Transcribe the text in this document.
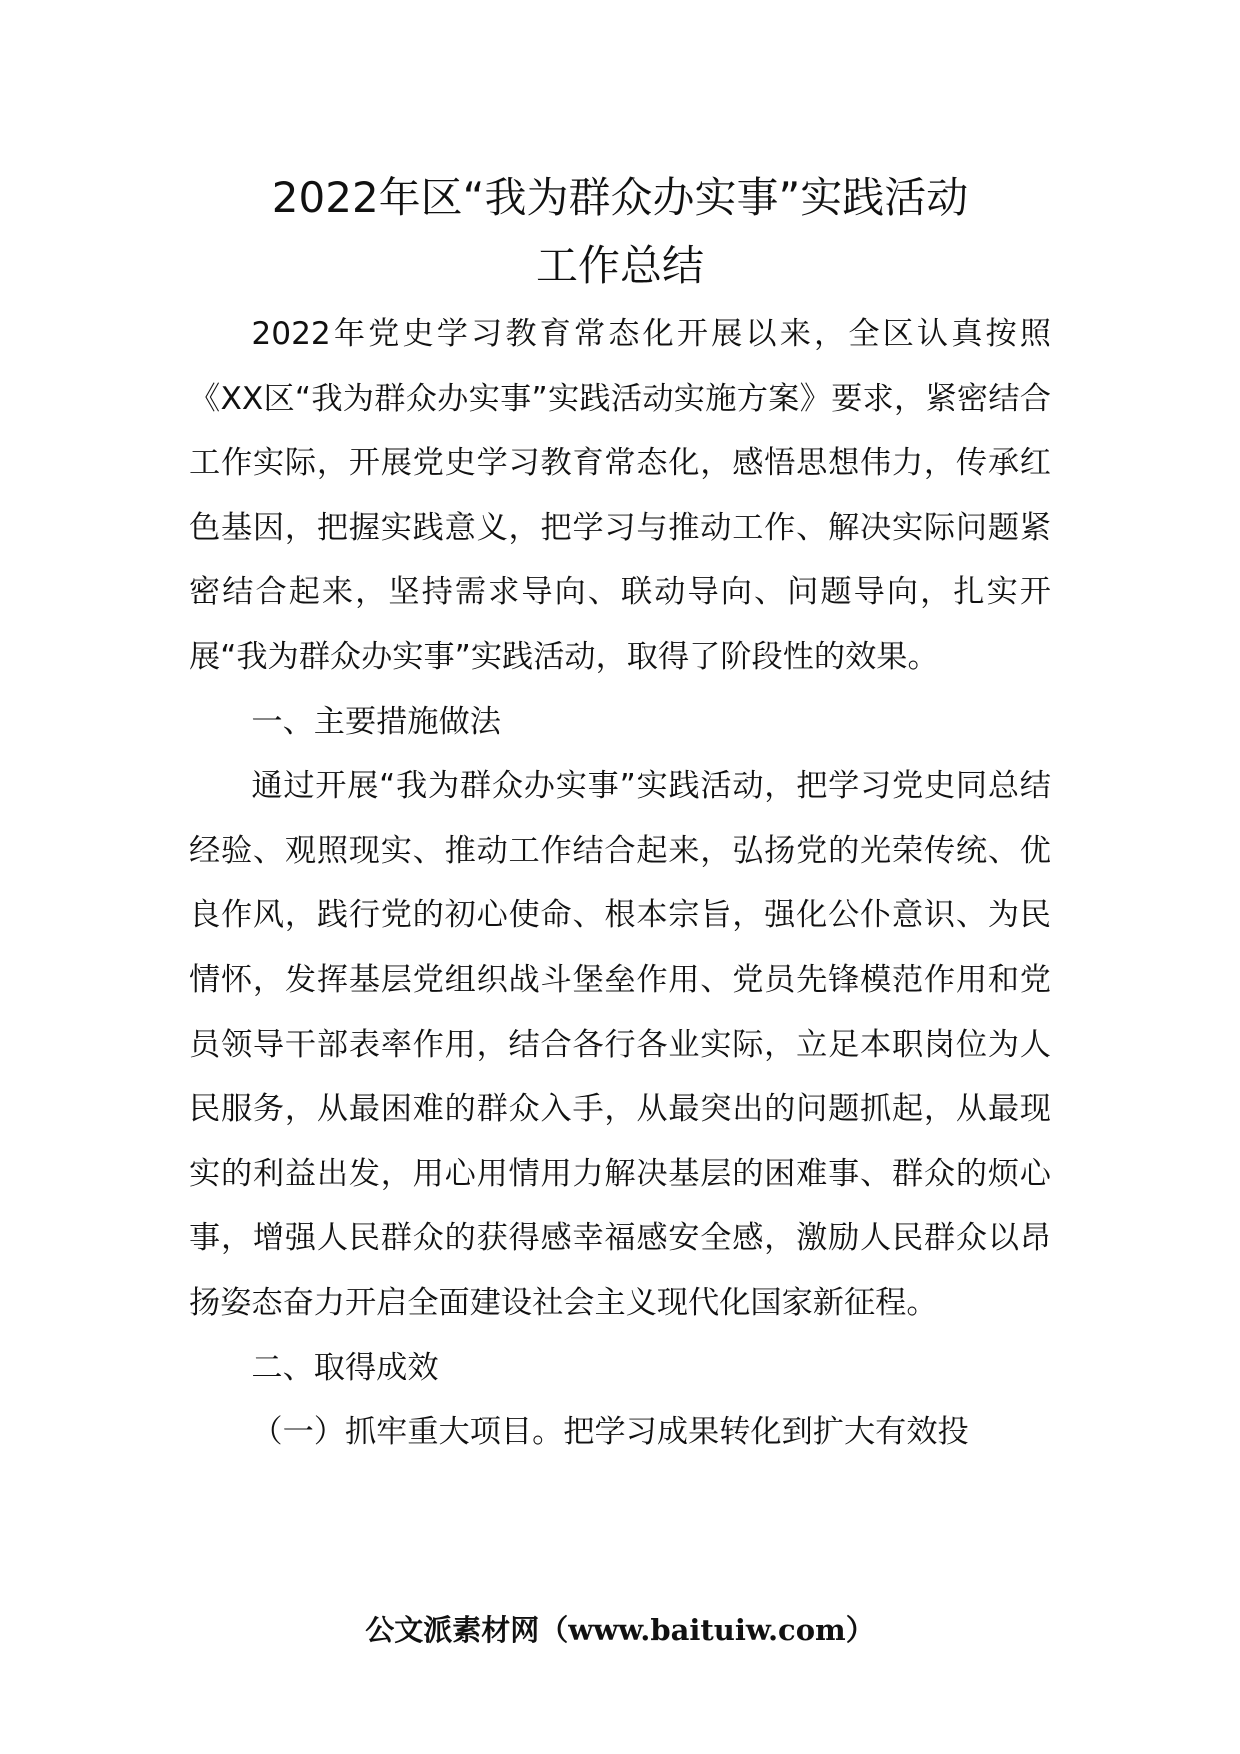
2022年区“我为群众办实事”实践活动
工作总结

2022年党史学习教育常态化开展以来，全区认真按照《XX区“我为群众办实事”实践活动实施方案》要求，紧密结合工作实际，开展党史学习教育常态化，感悟思想伟力，传承红色基因，把握实践意义，把学习与推动工作、解决实际问题紧密结合起来，坚持需求导向、联动导向、问题导向，扎实开展“我为群众办实事”实践活动，取得了阶段性的效果。

一、主要措施做法

通过开展“我为群众办实事”实践活动，把学习党史同总结经验、观照现实、推动工作结合起来，弘扬党的光荣传统、优良作风，践行党的初心使命、根本宗旨，强化公仆意识、为民情怀，发挥基层党组织战斗堡垒作用、党员先锋模范作用和党员领导干部表率作用，结合各行各业实际，立足本职岗位为人民服务，从最困难的群众入手，从最突出的问题抓起，从最现实的利益出发，用心用情用力解决基层的困难事、群众的烦心事，增强人民群众的获得感幸福感安全感，激励人民群众以昂扬姿态奋力开启全面建设社会主义现代化国家新征程。

二、取得成效

（一）抓牢重大项目。把学习成果转化到扩大有效投

公文派素材网（www.baituiw.com）
